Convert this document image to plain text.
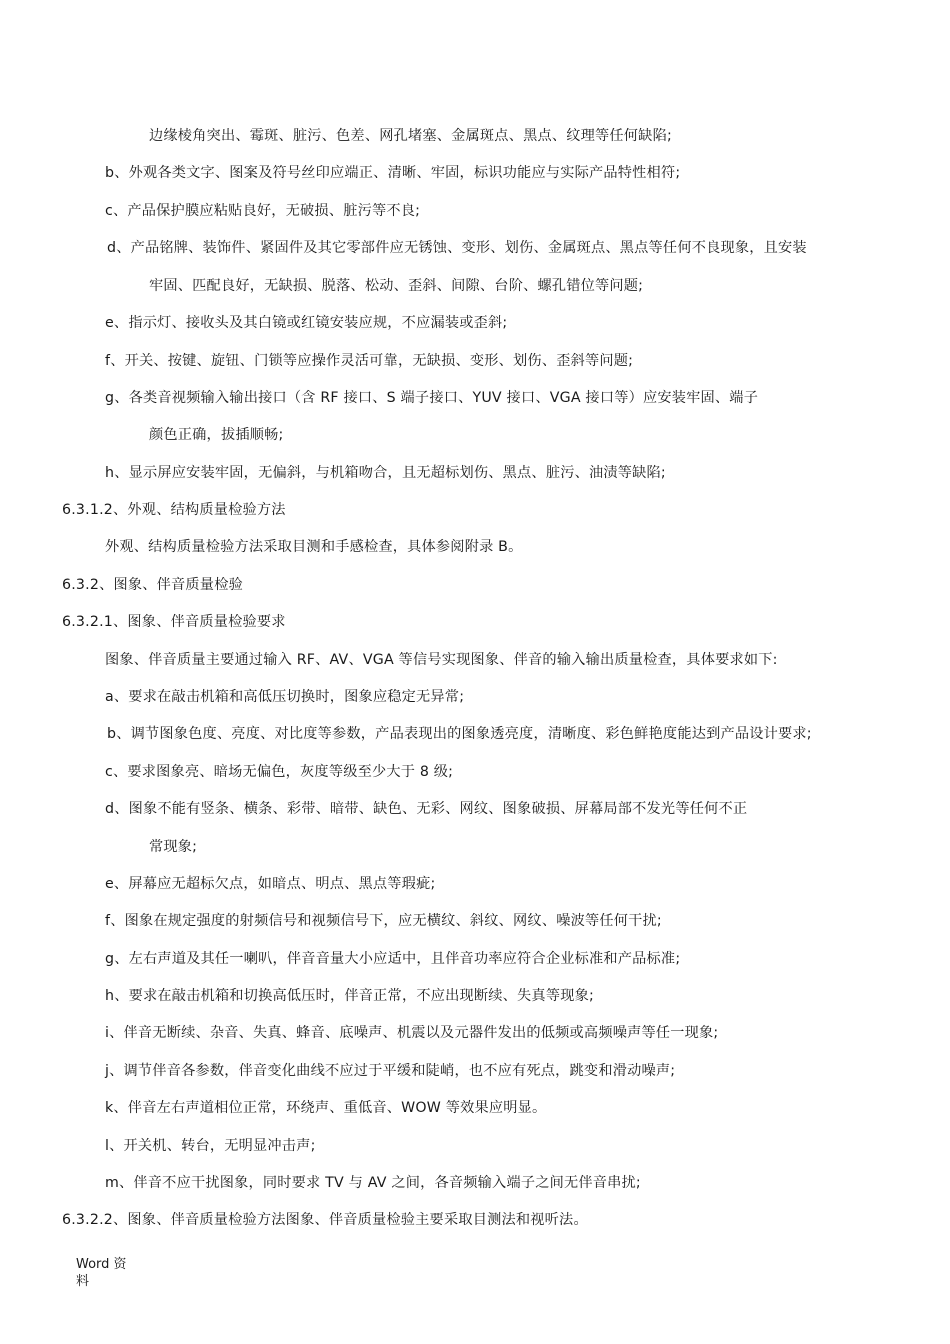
边缘棱角突出、霉斑、脏污、色差、网孔堵塞、金属斑点、黑点、纹理等任何缺陷;
b、外观各类文字、图案及符号丝印应端正、清晰、牢固，标识功能应与实际产品特性相符;
c、产品保护膜应粘贴良好，无破损、脏污等不良;
d、产品铭牌、装饰件、紧固件及其它零部件应无锈蚀、变形、划伤、金属斑点、黑点等任何不良现象，且安装
牢固、匹配良好，无缺损、脱落、松动、歪斜、间隙、台阶、螺孔错位等问题;
e、指示灯、接收头及其白镜或红镜安装应规，不应漏装或歪斜;
f、开关、按键、旋钮、门锁等应操作灵活可靠，无缺损、变形、划伤、歪斜等问题;
g、各类音视频输入输出接口（含 RF 接口、S 端子接口、YUV 接口、VGA 接口等）应安装牢固、端子
颜色正确，拔插顺畅;
h、显示屏应安装牢固，无偏斜，与机箱吻合，且无超标划伤、黑点、脏污、油渍等缺陷;
6.3.1.2、外观、结构质量检验方法
外观、结构质量检验方法采取目测和手感检查，具体参阅附录 B。
6.3.2、图象、伴音质量检验
6.3.2.1、图象、伴音质量检验要求
图象、伴音质量主要通过输入 RF、AV、VGA 等信号实现图象、伴音的输入输出质量检查，具体要求如下:
a、要求在敲击机箱和高低压切换时，图象应稳定无异常;
b、调节图象色度、亮度、对比度等参数，产品表现出的图象透亮度，清晰度、彩色鲜艳度能达到产品设计要求;
c、要求图象亮、暗场无偏色，灰度等级至少大于 8 级;
d、图象不能有竖条、横条、彩带、暗带、缺色、无彩、网纹、图象破损、屏幕局部不发光等任何不正
常现象;
e、屏幕应无超标欠点，如暗点、明点、黑点等瑕疵;
f、图象在规定强度的射频信号和视频信号下，应无横纹、斜纹、网纹、噪波等任何干扰;
g、左右声道及其任一喇叭，伴音音量大小应适中，且伴音功率应符合企业标准和产品标准;
h、要求在敲击机箱和切换高低压时，伴音正常，不应出现断续、失真等现象;
i、伴音无断续、杂音、失真、蜂音、底噪声、机震以及元器件发出的低频或高频噪声等任一现象;
j、调节伴音各参数，伴音变化曲线不应过于平缓和陡峭，也不应有死点，跳变和滑动噪声;
k、伴音左右声道相位正常，环绕声、重低音、WOW 等效果应明显。
l、开关机、转台，无明显冲击声;
m、伴音不应干扰图象，同时要求 TV 与 AV 之间，各音频输入端子之间无伴音串扰;
6.3.2.2、图象、伴音质量检验方法图象、伴音质量检验主要采取目测法和视听法。
Word 资料
